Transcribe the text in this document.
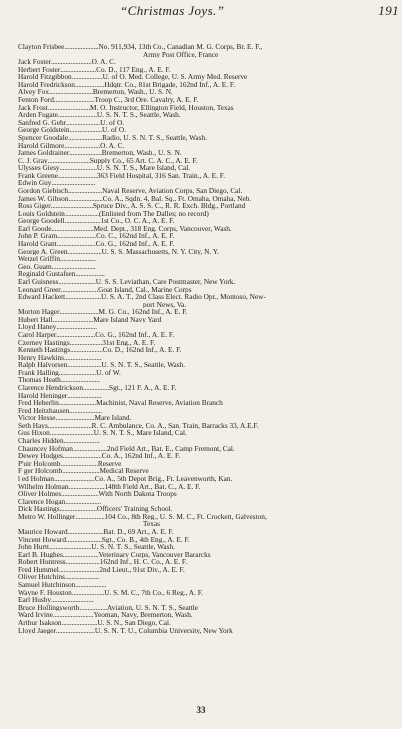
“Christmas Joys.”	191
Clayton Frisbee.....................No. 911,934, 13th Co., Canadian M. G. Corps, Br. E. F.,
Army Post Office, France
Jack Foster.........................O. A. C.
Herbert Foster......................Co. D., 117 Eng., A. E. F.
Harold Fitzgibbon...................U. of O. Med. College, U. S. Army Med. Reserve
Harold Fredrickson..................Hdqtr. Co., 81st Brigade, 162nd Inf., A. E. F.
Alvey Fox...........................Bremerton, Wash., U. S. N.
Fenton Ford.........................Troop C., 3rd Ore. Cavalry, A. E. F.
Jack Frost..........................M. O. Instructor, Ellington Field, Houston, Texas
Arden Fugate........................U. S. N. T. S., Seattle, Wash.
Sanfred G. Gehr.....................U. of O.
George Goldstein....................U. of O.
Spencer Goodale.....................Radio, U. S. N. T. S., Seattle, Wash.
Harold Gilmore......................O. A. C.
James Goldrainer....................Bremerton, Wash., U. S. N.
C. J. Gray..........................Supply Co., 65 Art. C. A. C., A. E. F.
Ulysses Giesy.......................U. S. N. T. S., Mare Island, Cal.
Frank Greene........................363 Field Hospital, 316 San. Train., A. E. F.
Edwin Guy...........................
Gordon Giebisch.....................Naval Reserve, Aviation Corps, San Diego, Cal.
James W. Gibson.....................Co. A., Sqdn. 4, Bal. Sq., Ft. Omaha, Omaha, Neb.
Ross Giger..........................Spruce Div., A. S. S. C., R. R. Exch. Bldg., Portland
Louis Goldstein.....................(Enlisted from The Dalles; no record)
George Goodell......................1st Co., O. C. A., A. E. F.
Earl Goode..........................Med. Dept., 318 Eng. Corps, Vancouver, Wash.
John P. Gram........................Co. C., 162nd Inf., A. E. F.
Harold Grant........................Co. G., 162nd Inf., A. E. F.
George A. Green.....................U. S. S. Massachusetts, N. Y. City, N. Y.
Wetzel Griffin......................
Geo. Guam...........................
Reginald Gustafsen..................
Earl Guisness.......................U. S. S. Leviathan, Care Postmaster, New York.
Leonard Greer.......................Goat Island, Cal., Marine Corps
Edward Hackett......................U. S. A. T., 2nd Class Elect. Radio Opr., Montoso, New-
port News, Va.
Morton Hager........................M. G. Co., 162nd Inf., A. E. F.
Hubert Hall.........................Mare Island Navy Yard
Lloyd Haney.........................
Carol Harper........................Co. G., 162nd Inf., A. E. F.
Czerney Hastings....................31st Eng., A. E. F.
Kenneth Hastings....................Co. D., 162nd Inf., A. E. F.
Henry Hawkins.......................
Ralph Halvorsen.....................U. S. N. T. S., Seattle, Wash.
Frank Halling.......................U. of W.
Thomas Heath........................
Clarence Hendrickson................Sgt., 121 F. A., A. E. F.
Harold Heninger.....................
Fred Heberlin.......................Machinist, Naval Reserve, Aviation Branch
Fred Heitzhausen....................
Victor Hesse........................Mare Island.
Seth Hays...........................R. C. Ambulance, Co. A., San. Train, Barracks 33, A.E.F.
Gus Hixon...........................U. S. N. T. S., Mare Island, Cal.
Charles Hidden......................
Chauncey Hofman.....................2nd Field Art., Bat. E., Camp Fremont, Cal.
Dewey Hodges........................Co. A., 162nd Inf., A. E. F.
P'uir Holcomb.......................Reserve
F ger Holcomb.......................Medical Reserve
l ed Holman.........................Co. A., 5th Depot Brig., Ft. Leavenworth, Kan.
Wilhelm Holman......................148th Field Art., Bat. C., A. E. F.
Oliver Holmes.......................With North Dakota Troops
Clarence Hogan......................
Dick Hastings.......................Officers' Training School.
Metro W. Hollinger..................104 Co., 8th Reg., U. S. M. C., Ft. Crockett, Galveston,
Texas
Maurice Howard......................Bat. D., 69 Art., A. E. F.
Vincent Howard......................Sgt., Co. B., 4th Eng., A. E. F.
John Hurtt..........................U. S. N. T. S., Seattle, Wash.
Earl B. Hughes......................Veterinary Corps, Vancouver Bararcks
Robert Huntress.....................162nd Inf., H. C. Co., A. E. F.
Fred Hummel.........................2nd Lieut., 91st Div., A. E. F.
Oliver Hutchins.....................
Samuel Hutchinson...................
Wayne F. Houston....................U. S. M. C., 7th Co., 6 Reg., A. F.
Earl Husby..........................
Bruce Hollingsworth.................Aviation, U. S. N. T. S., Seattle
Ward Irvine.........................Yeoman, Navy, Bremerton, Wash.
Arthur Isakson......................U. S. N., San Diego, Cal.
Lloyd Jaeger........................U. S. N. T. U., Columbia University, New York
33
